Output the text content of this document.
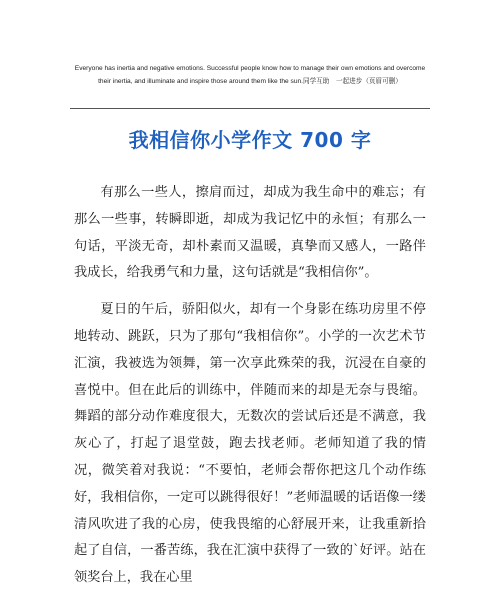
Everyone has inertia and negative emotions. Successful people know how to manage their own emotions and overcome their inertia, and illuminate and inspire those around them like the sun.同学互助　一起进步（页眉可删）
我相信你小学作文 700 字

有那么一些人，擦肩而过，却成为我生命中的难忘；有那么一些事，转瞬即逝，却成为我记忆中的永恒；有那么一句话，平淡无奇，却朴素而又温暖，真挚而又感人，一路伴我成长，给我勇气和力量，这句话就是“我相信你”。

夏日的午后，骄阳似火，却有一个身影在练功房里不停地转动、跳跃，只为了那句“我相信你”。小学的一次艺术节汇演，我被选为领舞，第一次享此殊荣的我，沉浸在自豪的喜悦中。但在此后的训练中，伴随而来的却是无奈与畏缩。舞蹈的部分动作难度很大，无数次的尝试后还是不满意，我灰心了，打起了退堂鼓，跑去找老师。老师知道了我的情况，微笑着对我说：“不要怕，老师会帮你把这几个动作练好，我相信你，一定可以跳得很好！”老师温暖的话语像一缕清风吹进了我的心房，使我畏缩的心舒展开来，让我重新拾起了自信，一番苦练，我在汇演中获得了一致的`好评。站在领奖台上，我在心里
